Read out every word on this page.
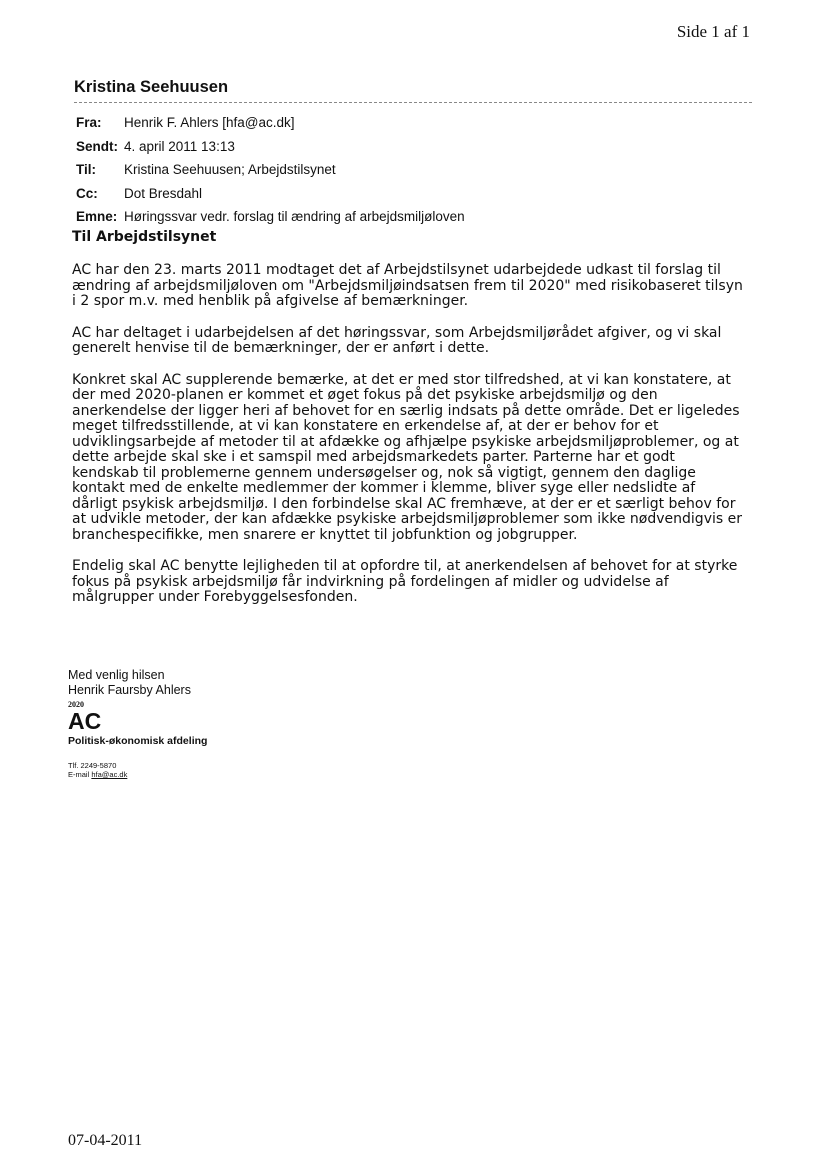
Side 1 af 1
Kristina Seehuusen
Fra: Henrik F. Ahlers [hfa@ac.dk]
Sendt: 4. april 2011 13:13
Til: Kristina Seehuusen; Arbejdstilsynet
Cc: Dot Bresdahl
Emne: Høringssvar vedr. forslag til ændring af arbejdsmiljøloven
Til Arbejdstilsynet

AC har den 23. marts 2011 modtaget det af Arbejdstilsynet udarbejdede udkast til forslag til ændring af arbejdsmiljøloven om "Arbejdsmiljøindsatsen frem til 2020" med risikobaseret tilsyn i 2 spor m.v. med henblik på afgivelse af bemærkninger.

AC har deltaget i udarbejdelsen af det høringssvar, som Arbejdsmiljørådet afgiver, og vi skal generelt henvise til de bemærkninger, der er anført i dette.

Konkret skal AC supplerende bemærke, at det er med stor tilfredshed, at vi kan konstatere, at der med 2020-planen er kommet et øget fokus på det psykiske arbejdsmiljø og den anerkendelse der ligger heri af behovet for en særlig indsats på dette område. Det er ligeledes meget tilfredsstillende, at vi kan konstatere en erkendelse af, at der er behov for et udviklingsarbejde af metoder til at afdække og afhjælpe psykiske arbejdsmiljøproblemer, og at dette arbejde skal ske i et samspil med arbejdsmarkedets parter. Parterne har et godt kendskab til problemerne gennem undersøgelser og, nok så vigtigt, gennem den daglige kontakt med de enkelte medlemmer der kommer i klemme, bliver syge eller nedslidte af dårligt psykisk arbejdsmiljø. I den forbindelse skal AC fremhæve, at der er et særligt behov for at udvikle metoder, der kan afdække psykiske arbejdsmiljøproblemer som ikke nødvendigvis er branchespecifikke, men snarere er knyttet til jobfunktion og jobgrupper.

Endelig skal AC benytte lejligheden til at opfordre til, at anerkendelsen af behovet for at styrke fokus på psykisk arbejdsmiljø får indvirkning på fordelingen af midler og udvidelse af målgrupper under Forebyggelsesfonden.

Med venlig hilsen
Henrik Faursby Ahlers
2020
AC
Politisk-økonomisk afdeling
Tlf. 2249-5870
E-mail hfa@ac.dk
07-04-2011
